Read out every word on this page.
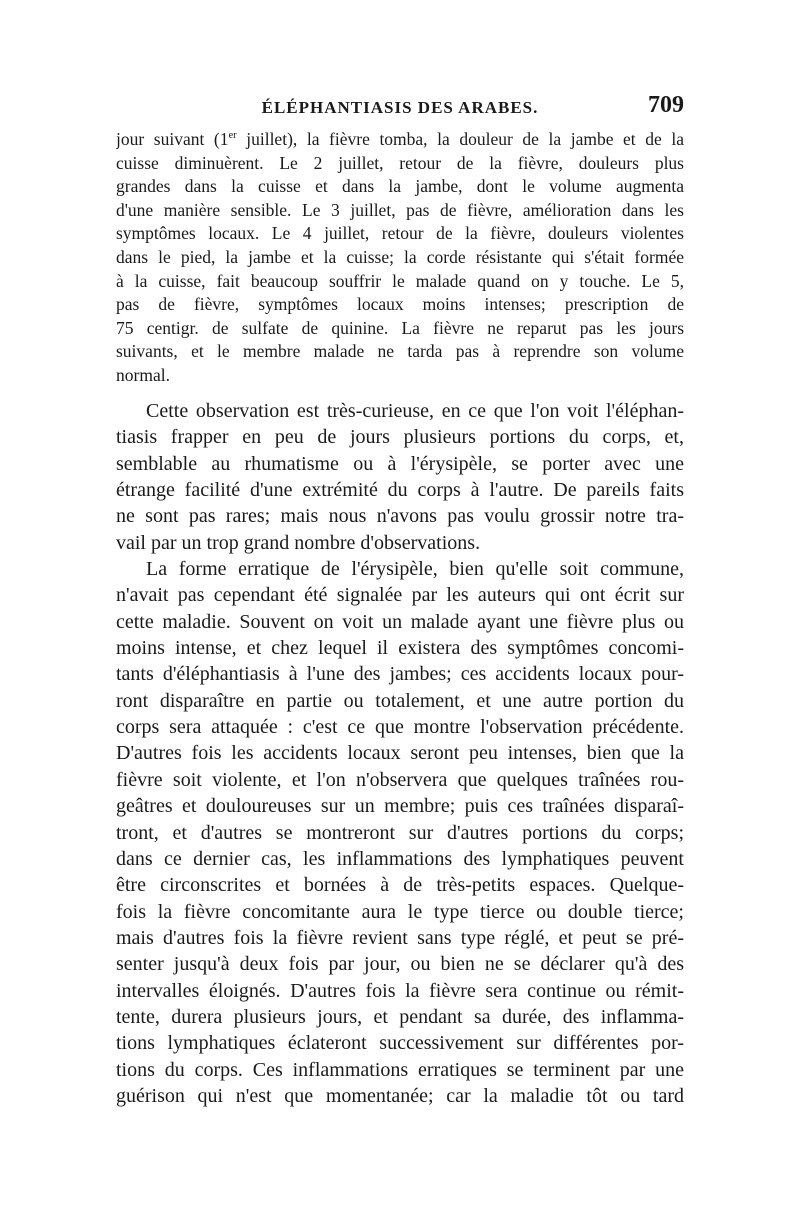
ÉLÉPHANTIASIS DES ARABES.	709
jour suivant (1er juillet), la fièvre tomba, la douleur de la jambe et de la
cuisse diminuèrent. Le 2 juillet, retour de la fièvre, douleurs plus
grandes dans la cuisse et dans la jambe, dont le volume augmenta
d'une manière sensible. Le 3 juillet, pas de fièvre, amélioration dans les
symptômes locaux. Le 4 juillet, retour de la fièvre, douleurs violentes
dans le pied, la jambe et la cuisse; la corde résistante qui s'était formée
à la cuisse, fait beaucoup souffrir le malade quand on y touche. Le 5,
pas de fièvre, symptômes locaux moins intenses; prescription de
75 centigr. de sulfate de quinine. La fièvre ne reparut pas les jours
suivants, et le membre malade ne tarda pas à reprendre son volume
normal.
Cette observation est très-curieuse, en ce que l'on voit l'éléphan-
tiasis frapper en peu de jours plusieurs portions du corps, et,
semblable au rhumatisme ou à l'érysipèle, se porter avec une
étrange facilité d'une extrémité du corps à l'autre. De pareils faits
ne sont pas rares; mais nous n'avons pas voulu grossir notre tra-
vail par un trop grand nombre d'observations.
La forme erratique de l'érysipèle, bien qu'elle soit commune,
n'avait pas cependant été signalée par les auteurs qui ont écrit sur
cette maladie. Souvent on voit un malade ayant une fièvre plus ou
moins intense, et chez lequel il existera des symptômes concomi-
tants d'éléphantiasis à l'une des jambes; ces accidents locaux pour-
ront disparaître en partie ou totalement, et une autre portion du
corps sera attaquée : c'est ce que montre l'observation précédente.
D'autres fois les accidents locaux seront peu intenses, bien que la
fièvre soit violente, et l'on n'observera que quelques traînées rou-
geâtres et douloureuses sur un membre; puis ces traînées disparaî-
tront, et d'autres se montreront sur d'autres portions du corps;
dans ce dernier cas, les inflammations des lymphatiques peuvent
être circonscrites et bornées à de très-petits espaces. Quelque-
fois la fièvre concomitante aura le type tierce ou double tierce;
mais d'autres fois la fièvre revient sans type réglé, et peut se pré-
senter jusqu'à deux fois par jour, ou bien ne se déclarer qu'à des
intervalles éloignés. D'autres fois la fièvre sera continue ou rémit-
tente, durera plusieurs jours, et pendant sa durée, des inflamma-
tions lymphatiques éclateront successivement sur différentes por-
tions du corps. Ces inflammations erratiques se terminent par une
guérison qui n'est que momentanée; car la maladie tôt ou tard
